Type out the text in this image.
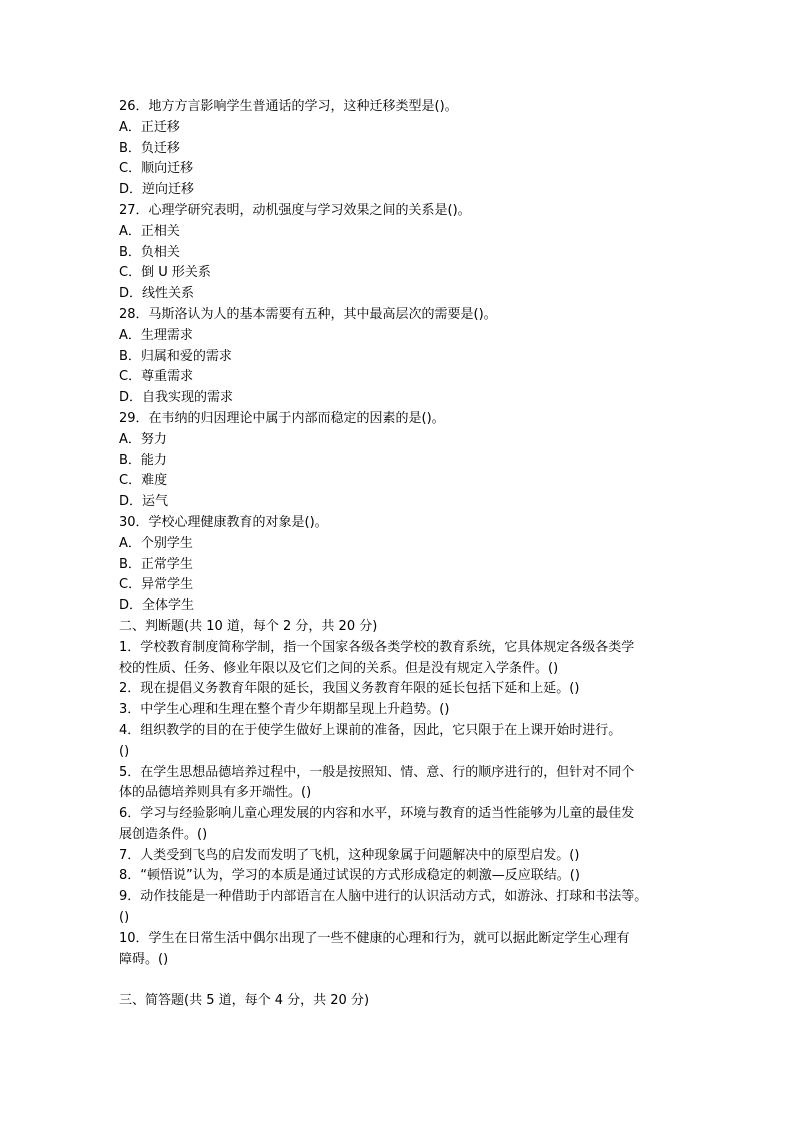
26．地方方言影响学生普通话的学习，这种迁移类型是()。

A．正迁移

B．负迁移

C．顺向迁移

D．逆向迁移

27．心理学研究表明，动机强度与学习效果之间的关系是()。

A．正相关

B．负相关

C．倒 U 形关系

D．线性关系

28．马斯洛认为人的基本需要有五种，其中最高层次的需要是()。

A．生理需求

B．归属和爱的需求

C．尊重需求

D．自我实现的需求

29．在韦纳的归因理论中属于内部而稳定的因素的是()。

A．努力

B．能力

C．难度

D．运气

30．学校心理健康教育的对象是()。

A．个别学生

B．正常学生

C．异常学生

D．全体学生

二、判断题(共 10 道，每个 2 分，共 20 分)

1．学校教育制度简称学制，指一个国家各级各类学校的教育系统，它具体规定各级各类学

校的性质、任务、修业年限以及它们之间的关系。但是没有规定入学条件。()

2．现在提倡义务教育年限的延长，我国义务教育年限的延长包括下延和上延。()

3．中学生心理和生理在整个青少年期都呈现上升趋势。()

4．组织教学的目的在于使学生做好上课前的准备，因此，它只限于在上课开始时进行。

()

5．在学生思想品德培养过程中，一般是按照知、情、意、行的顺序进行的，但针对不同个

体的品德培养则具有多开端性。()

6．学习与经验影响儿童心理发展的内容和水平，环境与教育的适当性能够为儿童的最佳发

展创造条件。()

7．人类受到飞鸟的启发而发明了飞机，这种现象属于问题解决中的原型启发。()

8．“顿悟说”认为，学习的本质是通过试误的方式形成稳定的刺激—反应联结。()

9．动作技能是一种借助于内部语言在人脑中进行的认识活动方式，如游泳、打球和书法等。

()

10．学生在日常生活中偶尔出现了一些不健康的心理和行为，就可以据此断定学生心理有

障碍。()

三、简答题(共 5 道，每个 4 分，共 20 分)
